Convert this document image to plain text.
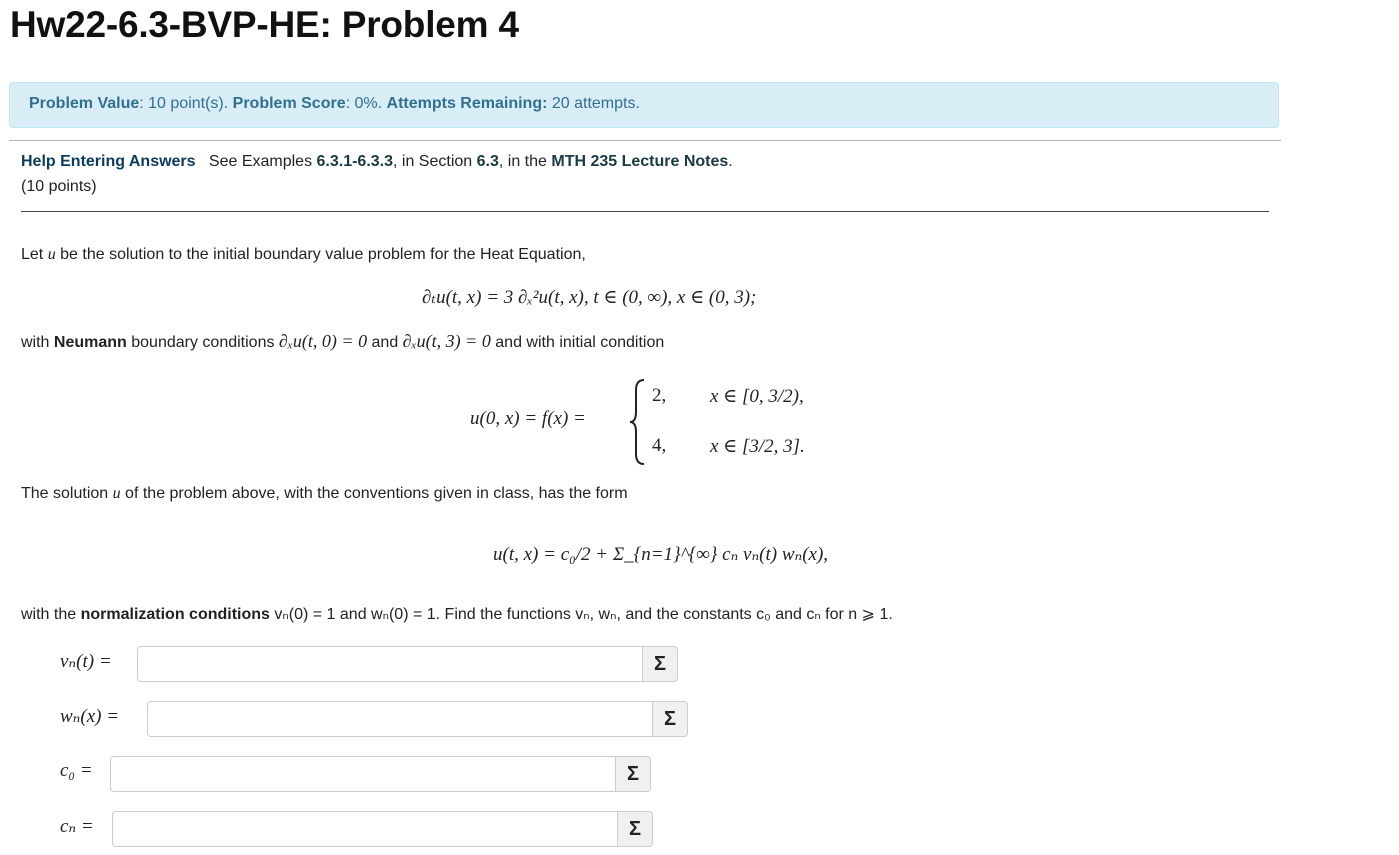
Hw22-6.3-BVP-HE: Problem 4
Problem Value: 10 point(s). Problem Score: 0%. Attempts Remaining: 20 attempts.
Help Entering Answers See Examples 6.3.1-6.3.3, in Section 6.3, in the MTH 235 Lecture Notes.
(10 points)
Let u be the solution to the initial boundary value problem for the Heat Equation,
∂ₜu(t, x) = 3 ∂ₓ²u(t, x), t ∈ (0, ∞), x ∈ (0, 3);
with Neumann boundary conditions ∂ₓu(t, 0) = 0 and ∂ₓu(t, 3) = 0 and with initial condition
u(0, x) = f(x) =
2, x ∈ [0, 3/2),
4, x ∈ [3/2, 3].
The solution u of the problem above, with the conventions given in class, has the form
u(t, x) = c₀/2 + Σ_{n=1}^{∞} cₙ vₙ(t) wₙ(x),
with the normalization conditions vₙ(0) = 1 and wₙ(0) = 1. Find the functions vₙ, wₙ, and the constants c₀ and cₙ for n ⩾ 1.
vₙ(t) =	Σ
wₙ(x) =	Σ
c₀ =	Σ
cₙ =	Σ
